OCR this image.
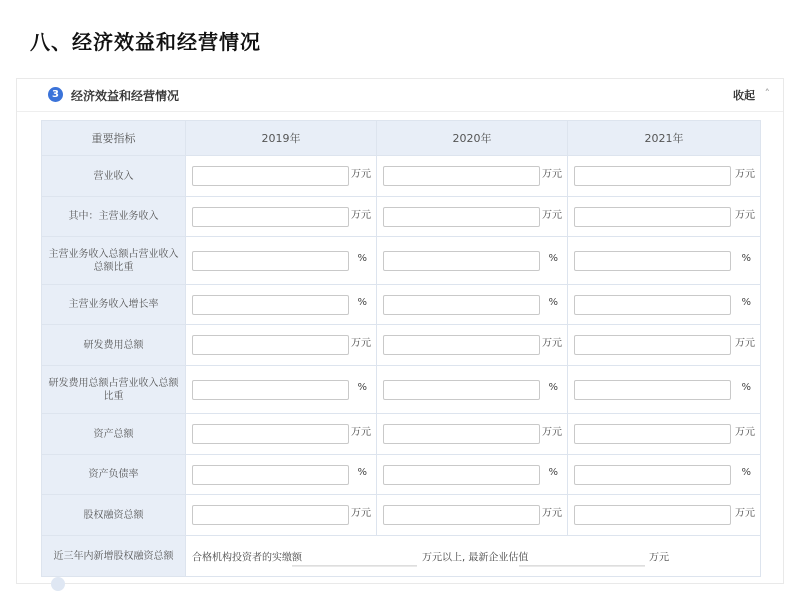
八、经济效益和经营情况
3	经济效益和经营情况	收起 ˄
重要指标	2019年	2020年	2021年
营业收入	万元	万元	万元

其中：主营业务收入	万元	万元	万元

主营业务收入总额占营业收入总额比重	%	%	%

主营业务收入增长率	%	%	%

研发费用总额	万元	万元	万元

研发费用总额占营业收入总额比重	%	%	%

资产总额	万元	万元	万元

资产负债率	%	%	%

股权融资总额	万元	万元	万元

近三年内新增股权融资总额	合格机构投资者的实缴额 万元以上, 最新企业估值 万元		
